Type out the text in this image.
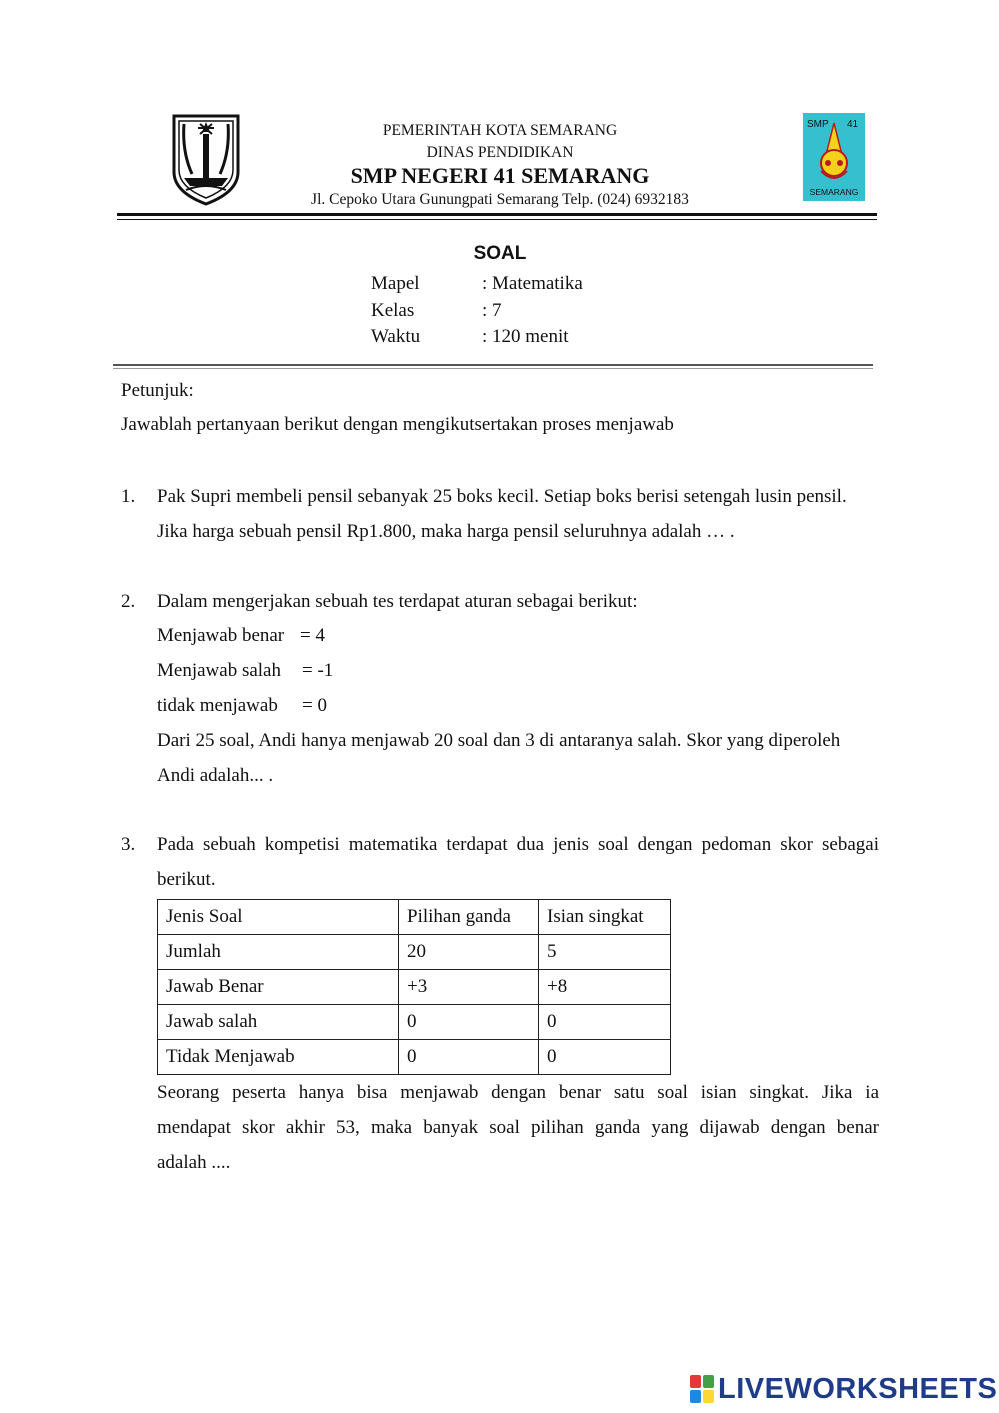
PEMERINTAH KOTA SEMARANG
DINAS PENDIDIKAN
SMP NEGERI 41 SEMARANG
Jl. Cepoko Utara Gunungpati Semarang Telp. (024) 6932183
SMP 41
SEMARANG
SOAL
Mapel	: Matematika
Kelas	: 7
Waktu	: 120 menit
Petunjuk:
Jawablah pertanyaan berikut dengan mengikutsertakan proses menjawab
1. Pak Supri membeli pensil sebanyak 25 boks kecil. Setiap boks berisi setengah lusin pensil.
Jika harga sebuah pensil Rp1.800, maka harga pensil seluruhnya adalah … .
2. Dalam mengerjakan sebuah tes terdapat aturan sebagai berikut:
Menjawab benar = 4
Menjawab salah = -1
tidak menjawab = 0
Dari 25 soal, Andi hanya menjawab 20 soal dan 3 di antaranya salah. Skor yang diperoleh
Andi adalah... .
3. Pada sebuah kompetisi matematika terdapat dua jenis soal dengan pedoman skor sebagai
berikut.
Jenis Soal	Pilihan ganda	Isian singkat
Jumlah	20	5
Jawab Benar	+3	+8
Jawab salah	0	0
Tidak Menjawab	0	0
Seorang peserta hanya bisa menjawab dengan benar satu soal isian singkat. Jika ia
mendapat skor akhir 53, maka banyak soal pilihan ganda yang dijawab dengan benar
adalah ....
LIVEWORKSHEETS
